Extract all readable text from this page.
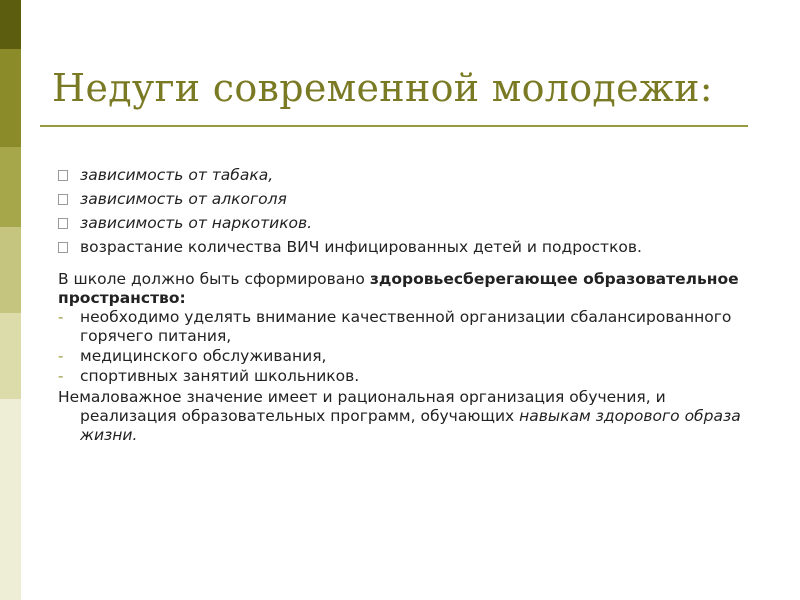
Недуги современной молодежи:
зависимость от табака,
зависимость от алкоголя
зависимость от наркотиков.
возрастание количества ВИЧ инфицированных детей и подростков.
В школе должно быть сформировано здоровьесберегающее образовательное пространство:
- необходимо уделять внимание качественной организации сбалансированного горячего питания,
- медицинского обслуживания,
- спортивных занятий школьников.
Немаловажное значение имеет и рациональная организация обучения, и реализация образовательных программ, обучающих навыкам здорового образа жизни.
